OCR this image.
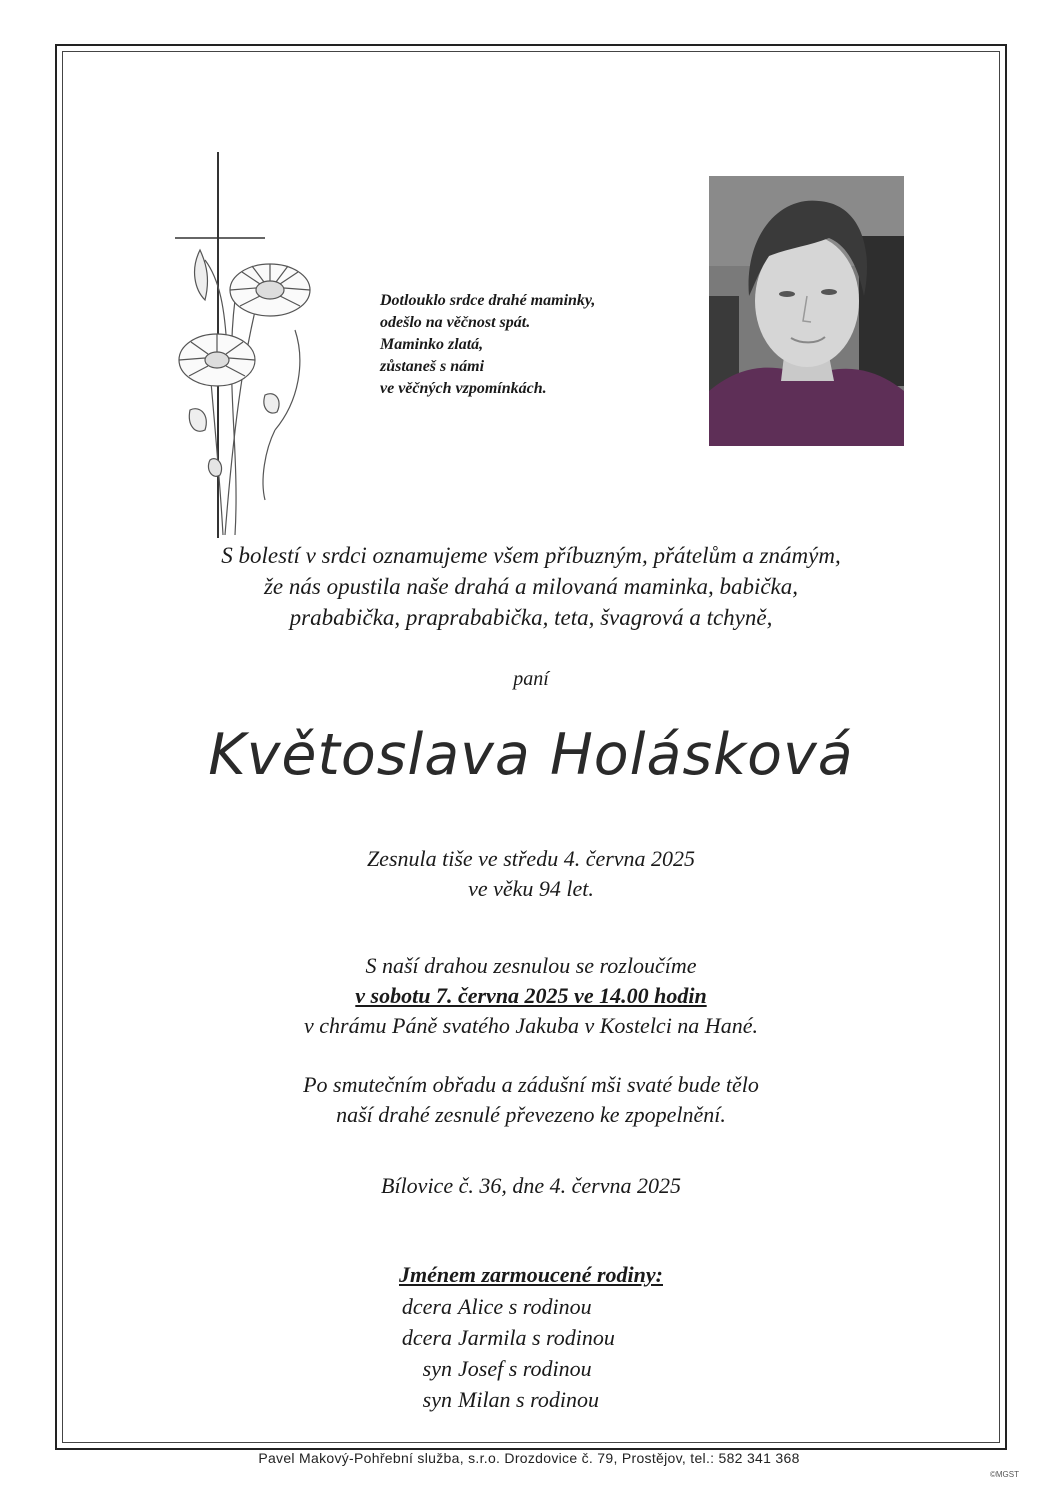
Dotlouklo srdce drahé maminky,
odešlo na věčnost spát.
Maminko zlatá,
zůstaneš s námi
ve věčných vzpomínkách.
S bolestí v srdci oznamujeme všem příbuzným, přátelům a známým,
že nás opustila naše drahá a milovaná maminka, babička,
prababička, praprababička, teta, švagrová a tchyně,
paní
Květoslava Holásková
Zesnula tiše ve středu 4. června 2025
ve věku 94 let.
S naší drahou zesnulou se rozloučíme
v sobotu 7. června 2025 ve 14.00 hodin
v chrámu Páně svatého Jakuba v Kostelci na Hané.
Po smutečním obřadu a zádušní mši svaté bude tělo
naší drahé zesnulé převezeno ke zpopelnění.
Bílovice č. 36, dne 4. června 2025
Jménem zarmoucené rodiny:
dcera Alice s rodinou
dcera Jarmila s rodinou
syn Josef s rodinou
syn Milan s rodinou
Pavel Makový-Pohřební služba, s.r.o. Drozdovice č. 79, Prostějov, tel.: 582 341 368
©MGST
